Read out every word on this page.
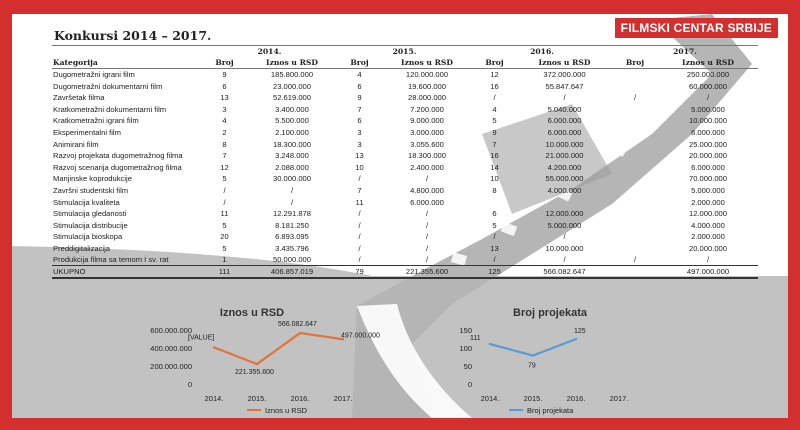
FILMSKI CENTAR SRBIJE
Konkursi 2014 – 2017.
	2014.		2015.		2016.		2017.	
Kategorija	Broj	Iznos u RSD	Broj	Iznos u RSD	Broj	Iznos u RSD	Broj	Iznos u RSD
Dugometražni igrani film	9	185.800.000	4	120.000.000	12	372.000.000		250.000.000
Dugometražni dokumentarni film	6	23.000.000	6	19.600.000	16	55.847.647		60.000.000
Završetak filma	13	52.619.000	9	28.000.000	/	/	/	/
Kratkometražni dokumentarni film	3	3.400.000	7	7.200.000	4	5.040.000		5.000.000
Kratkometražni igrani film	4	5.500.000	6	9.000.000	5	6.000.000		10.000.000
Eksperimentalni film	2	2.100.000	3	3.000.000	9	6.000.000		6.000.000
Animirani film	8	18.300.000	3	3.055.600	7	10.000.000		25.000.000
Razvoj projekata dugometražnog filma	7	3.248.000	13	18.300.000	16	21.000.000		20.000.000
Razvoj scenarija dugometražnog filma	12	2.088.000	10	2.400.000	14	4.200.000		6.000.000
Manjinske koprodukcije	5	30.000.000	/	/	10	55.000.000		70.000.000
Završni studentski film	/	/	7	4.800.000	8	4.000.000		5.000.000
Stimulacija kvaliteta	/	/	11	6.000.000				2.000.000
Stimulacija gledanosti	11	12.291.878	/	/	6	12.000.000		12.000.000
Stimulacija distribucije	5	8.181.250	/	/	5	5.000.000		4.000.000
Stimulacija bioskopa	20	6.893.095	/	/	/	/		2.000.000
Preddigitalizacija	5	3.435.796	/	/	13	10.000.000		20.000.000
Produkcija filma sa temom I sv. rat	1	50.000.000	/	/	/	/	/	/
UKUPNO	111	406.857.019	79	221.355.600	125	566.082.647		497.000.000
Iznos u RSD
600.000.000
400.000.000
200.000.000
0
2014.	2015.	2016.	2017.
[VALUE]
221.355.600
566.082.647
497.000.000
Iznos u RSD
Broj projekata
150
100
50
0
2014.	2015.	2016.	2017.
111
79
125
Broj projekata
